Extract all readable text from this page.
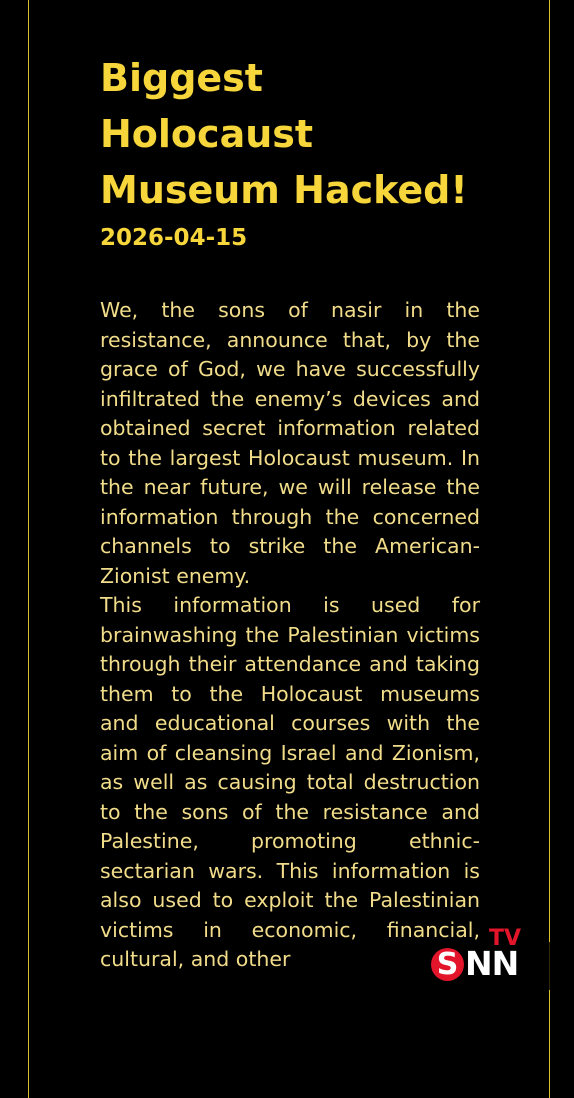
Biggest Holocaust Museum Hacked!
2026-04-15

We, the sons of nasir in the resistance, announce that, by the grace of God, we have successfully infiltrated the enemy’s devices and obtained secret information related to the largest Holocaust museum. In the near future, we will release the information through the concerned channels to strike the American-Zionist enemy.

This information is used for brainwashing the Palestinian victims through their attendance and taking them to the Holocaust museums and educational courses with the aim of cleansing Israel and Zionism, as well as causing total destruction to the sons of the resistance and Palestine, promoting ethnic-sectarian wars. This information is also used to exploit the Palestinian victims in economic, financial, cultural, and other

TV
S NN
